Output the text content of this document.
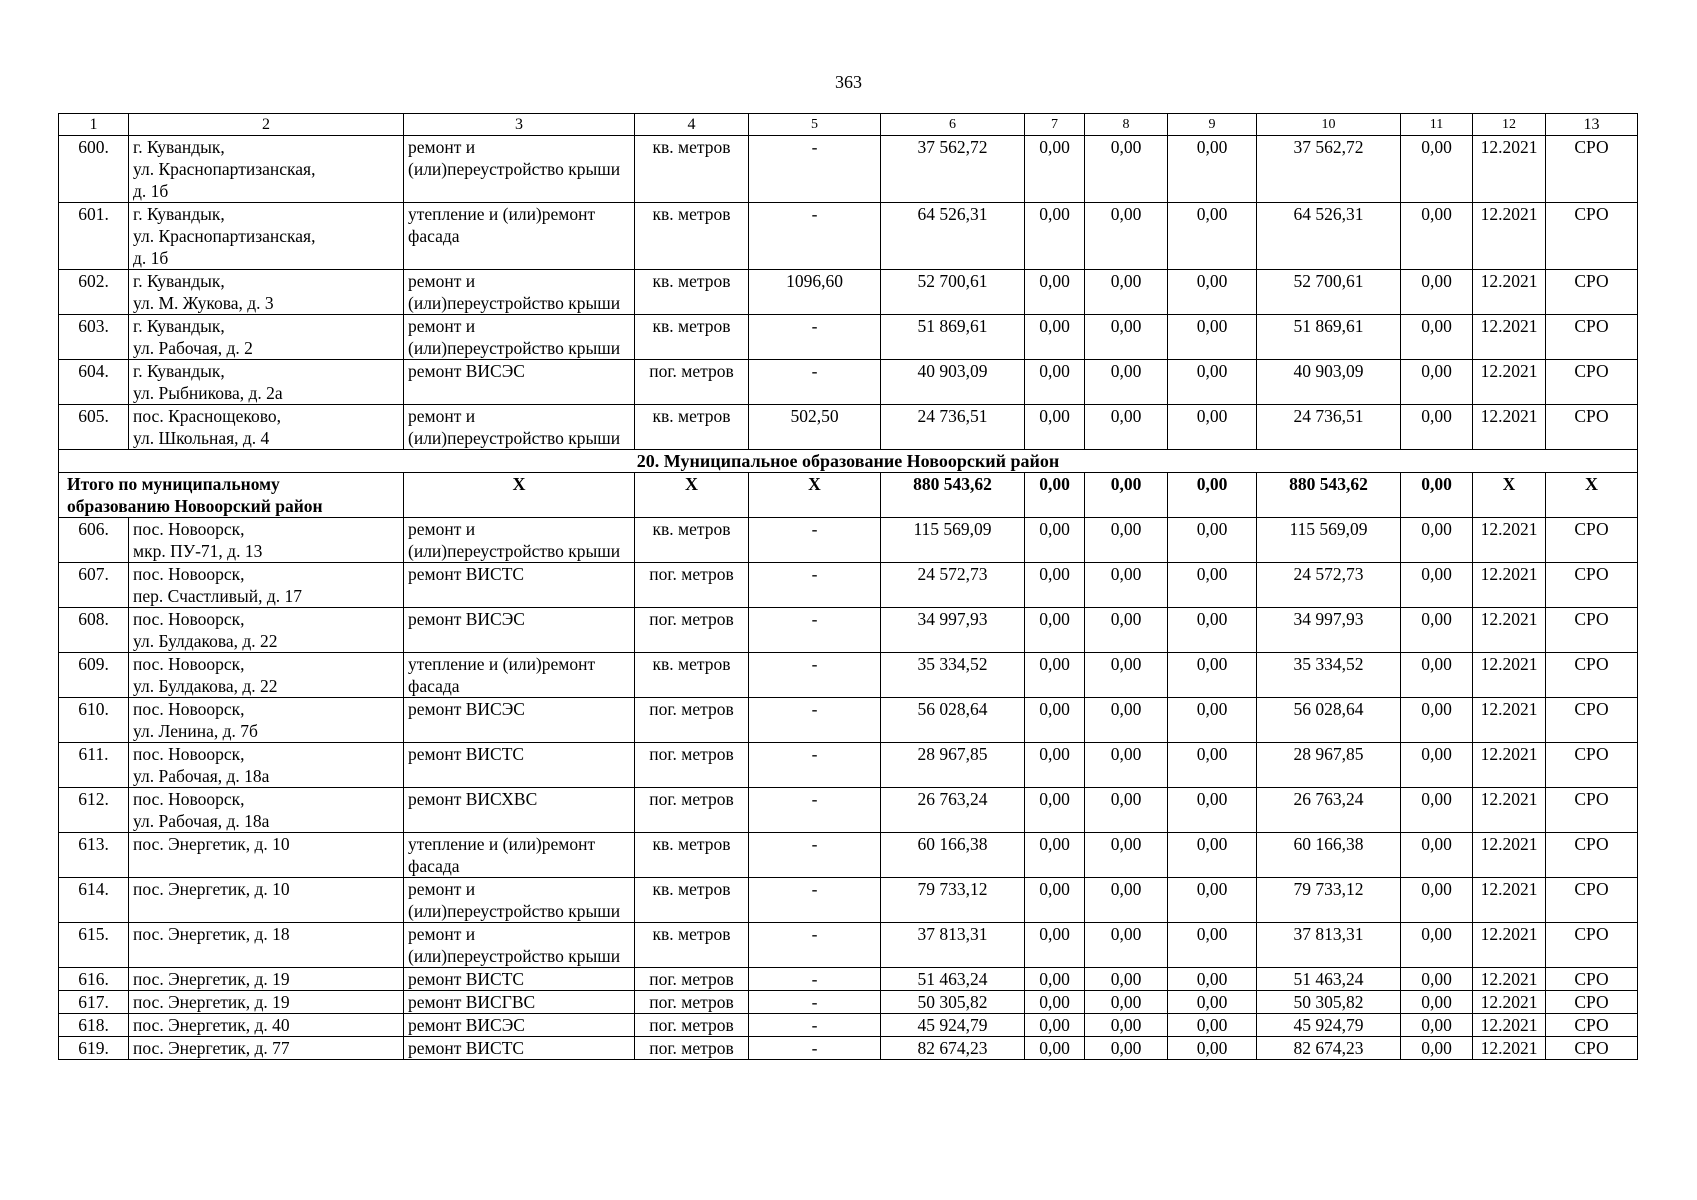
363
1	2	3	4	5	6	7	8	9	10	11	12	13
600.	г. Кувандык,
ул. Краснопартизанская,
д. 1б	ремонт и (или)переустройство крыши	кв. метров	-	37 562,72	0,00	0,00	0,00	37 562,72	0,00	12.2021	СРО
601.	г. Кувандык,
ул. Краснопартизанская,
д. 1б	утепление и (или)ремонт фасада	кв. метров	-	64 526,31	0,00	0,00	0,00	64 526,31	0,00	12.2021	СРО
602.	г. Кувандык,
ул. М. Жукова, д. 3	ремонт и (или)переустройство крыши	кв. метров	1096,60	52 700,61	0,00	0,00	0,00	52 700,61	0,00	12.2021	СРО
603.	г. Кувандык,
ул. Рабочая, д. 2	ремонт и (или)переустройство крыши	кв. метров	-	51 869,61	0,00	0,00	0,00	51 869,61	0,00	12.2021	СРО
604.	г. Кувандык,
ул. Рыбникова, д. 2а	ремонт ВИСЭС	пог. метров	-	40 903,09	0,00	0,00	0,00	40 903,09	0,00	12.2021	СРО
605.	пос. Краснощеково,
ул. Школьная, д. 4	ремонт и (или)переустройство крыши	кв. метров	502,50	24 736,51	0,00	0,00	0,00	24 736,51	0,00	12.2021	СРО
20. Муниципальное образование Новоорский район												

Итого по муниципальному
образованию Новоорский район		Х	Х	Х	880 543,62	0,00	0,00	0,00	880 543,62	0,00	Х	Х
606.	пос. Новоорск,
мкр. ПУ-71, д. 13	ремонт и (или)переустройство крыши	кв. метров	-	115 569,09	0,00	0,00	0,00	115 569,09	0,00	12.2021	СРО
607.	пос. Новоорск,
пер. Счастливый, д. 17	ремонт ВИСТС	пог. метров	-	24 572,73	0,00	0,00	0,00	24 572,73	0,00	12.2021	СРО
608.	пос. Новоорск,
ул. Булдакова, д. 22	ремонт ВИСЭС	пог. метров	-	34 997,93	0,00	0,00	0,00	34 997,93	0,00	12.2021	СРО
609.	пос. Новоорск,
ул. Булдакова, д. 22	утепление и (или)ремонт фасада	кв. метров	-	35 334,52	0,00	0,00	0,00	35 334,52	0,00	12.2021	СРО
610.	пос. Новоорск,
ул. Ленина, д. 7б	ремонт ВИСЭС	пог. метров	-	56 028,64	0,00	0,00	0,00	56 028,64	0,00	12.2021	СРО
611.	пос. Новоорск,
ул. Рабочая, д. 18а	ремонт ВИСТС	пог. метров	-	28 967,85	0,00	0,00	0,00	28 967,85	0,00	12.2021	СРО
612.	пос. Новоорск,
ул. Рабочая, д. 18а	ремонт ВИСХВС	пог. метров	-	26 763,24	0,00	0,00	0,00	26 763,24	0,00	12.2021	СРО
613.	пос. Энергетик, д. 10	утепление и (или)ремонт фасада	кв. метров	-	60 166,38	0,00	0,00	0,00	60 166,38	0,00	12.2021	СРО
614.	пос. Энергетик, д. 10	ремонт и (или)переустройство крыши	кв. метров	-	79 733,12	0,00	0,00	0,00	79 733,12	0,00	12.2021	СРО
615.	пос. Энергетик, д. 18	ремонт и (или)переустройство крыши	кв. метров	-	37 813,31	0,00	0,00	0,00	37 813,31	0,00	12.2021	СРО
616.	пос. Энергетик, д. 19	ремонт ВИСТС	пог. метров	-	51 463,24	0,00	0,00	0,00	51 463,24	0,00	12.2021	СРО
617.	пос. Энергетик, д. 19	ремонт ВИСГВС	пог. метров	-	50 305,82	0,00	0,00	0,00	50 305,82	0,00	12.2021	СРО
618.	пос. Энергетик, д. 40	ремонт ВИСЭС	пог. метров	-	45 924,79	0,00	0,00	0,00	45 924,79	0,00	12.2021	СРО
619.	пос. Энергетик, д. 77	ремонт ВИСТС	пог. метров	-	82 674,23	0,00	0,00	0,00	82 674,23	0,00	12.2021	СРО
